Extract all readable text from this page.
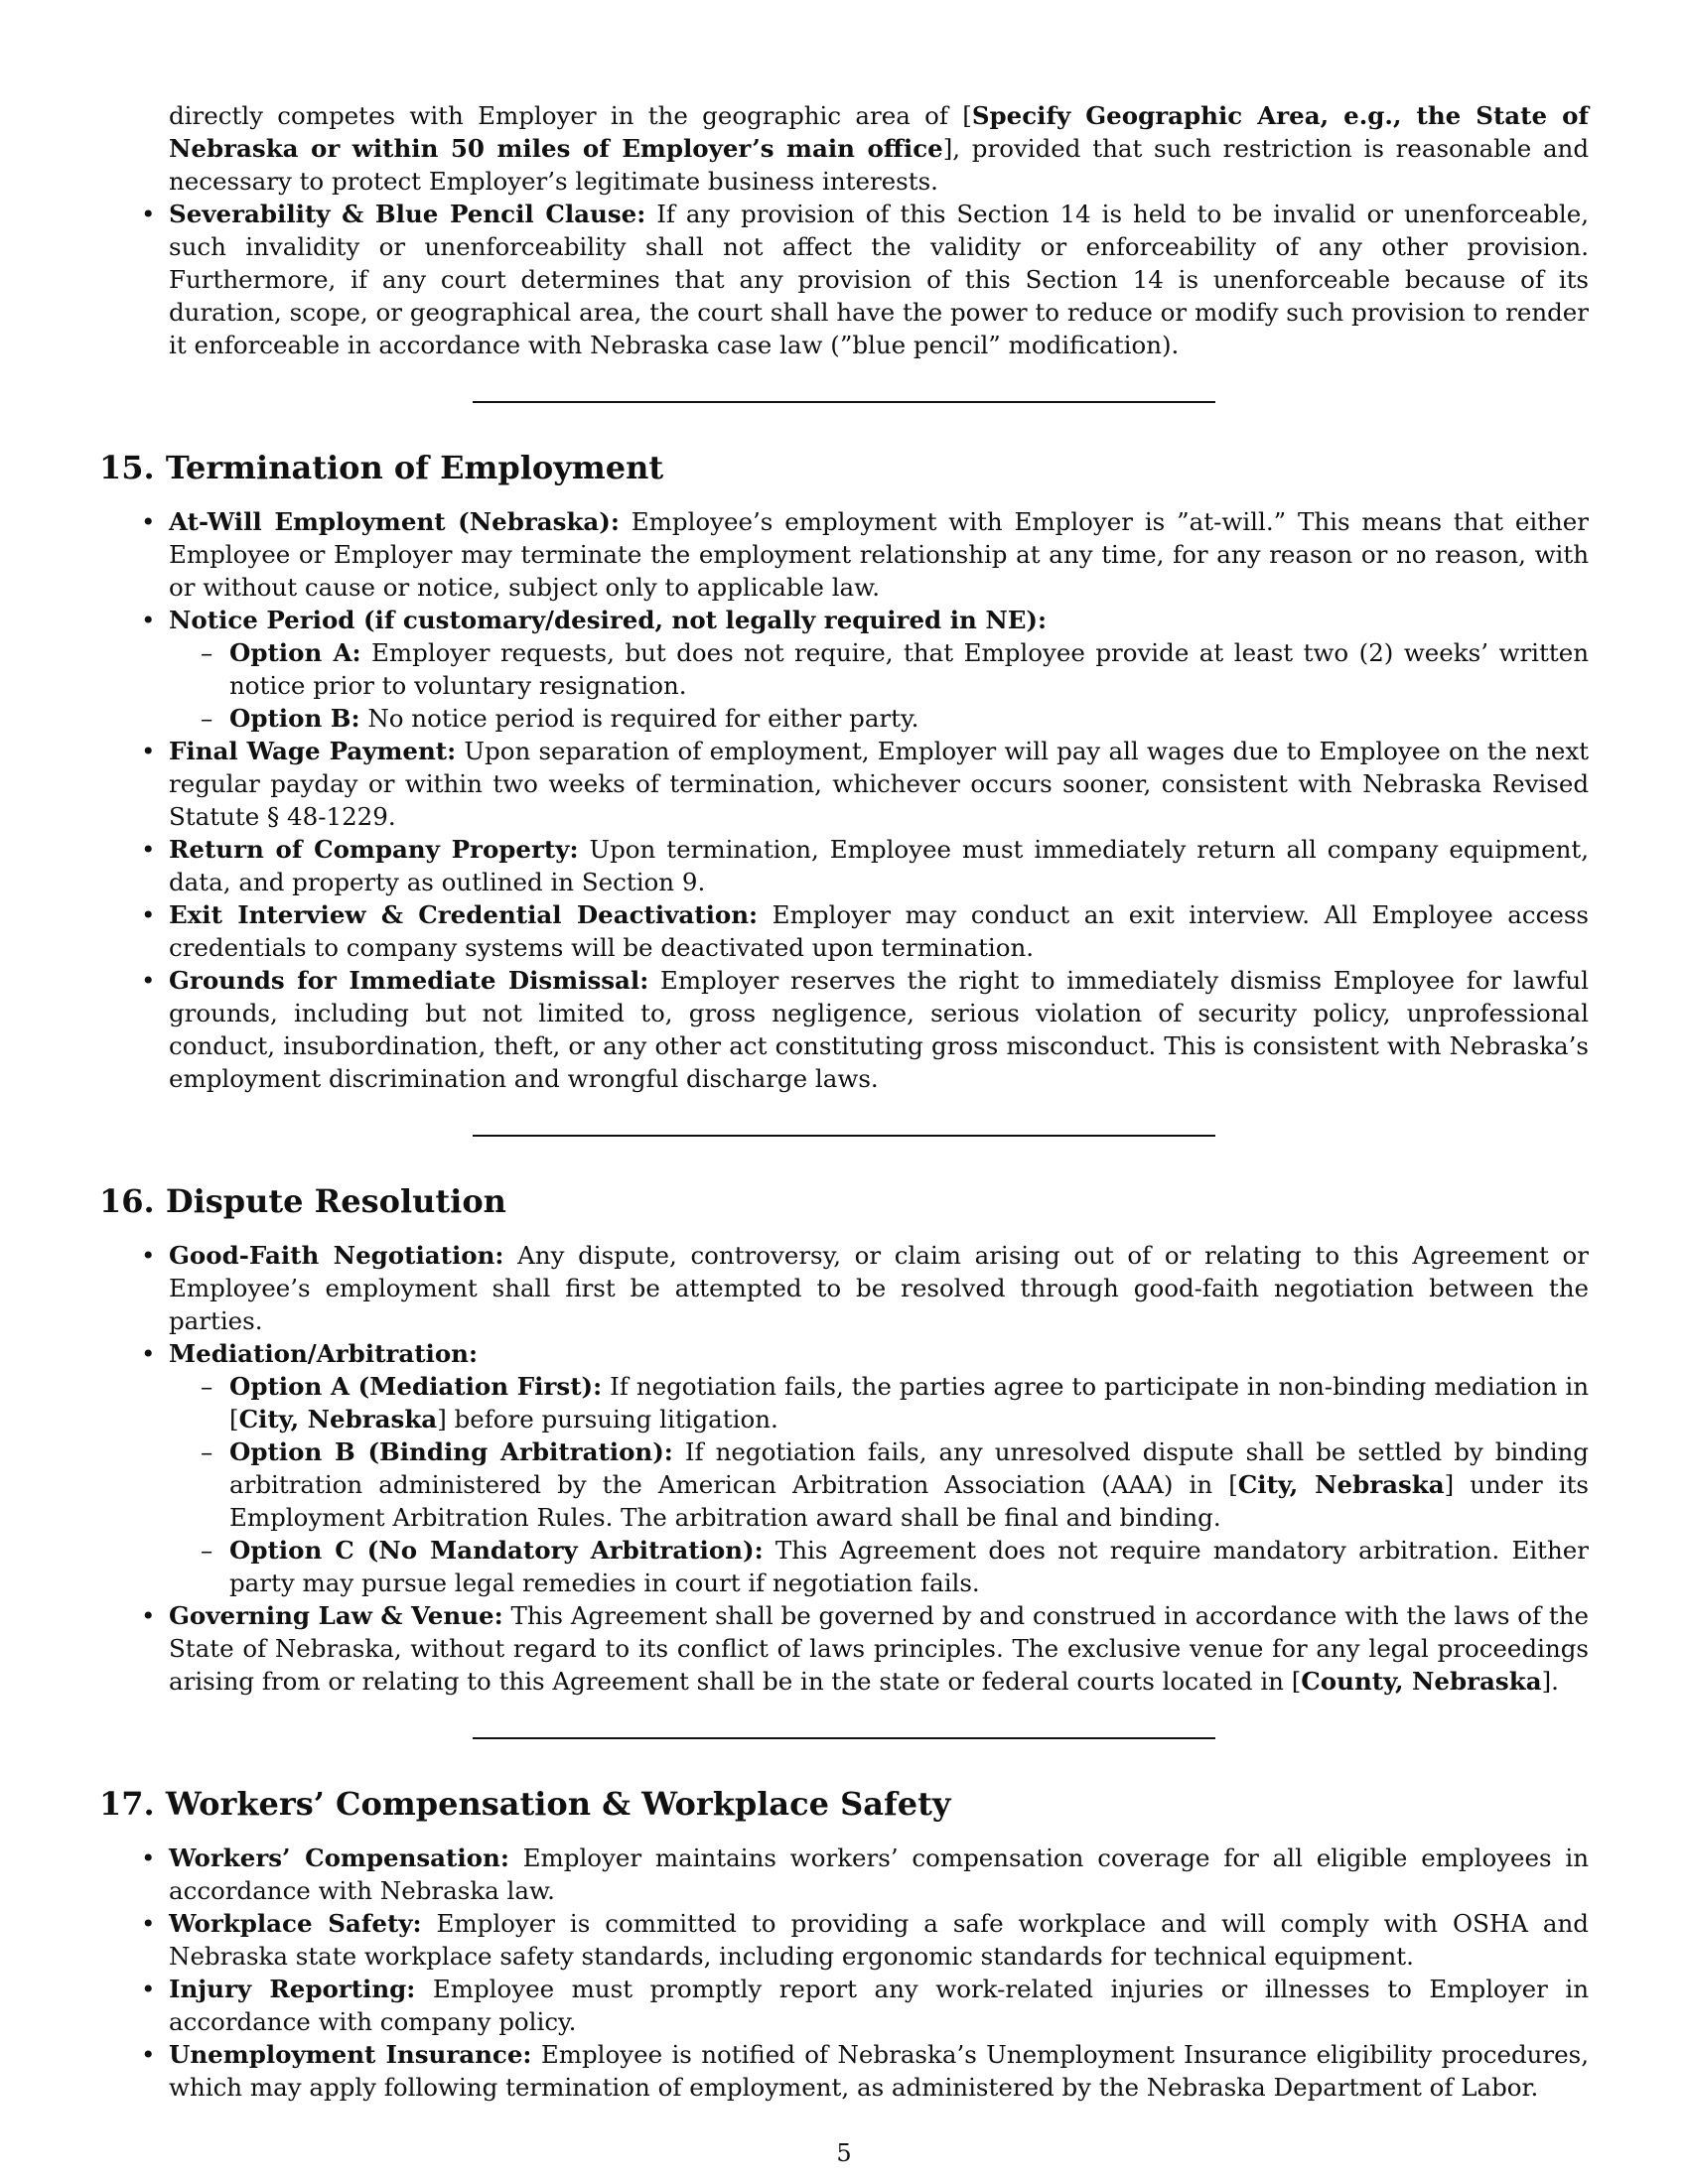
directly competes with Employer in the geographic area of [Specify Geographic Area, e.g., the State of Nebraska or within 50 miles of Employer’s main office], provided that such restriction is reasonable and necessary to protect Employer’s legitimate business interests.
• Severability & Blue Pencil Clause: If any provision of this Section 14 is held to be invalid or unenforceable, such invalidity or unenforceability shall not affect the validity or enforceability of any other provision. Furthermore, if any court determines that any provision of this Section 14 is unenforceable because of its duration, scope, or geographical area, the court shall have the power to reduce or modify such provision to render it enforceable in accordance with Nebraska case law (”blue pencil” modification).
15. Termination of Employment
• At-Will Employment (Nebraska): Employee’s employment with Employer is ”at-will.” This means that either Employee or Employer may terminate the employment relationship at any time, for any reason or no reason, with or without cause or notice, subject only to applicable law.
• Notice Period (if customary/desired, not legally required in NE):
– Option A: Employer requests, but does not require, that Employee provide at least two (2) weeks’ written notice prior to voluntary resignation.
– Option B: No notice period is required for either party.
• Final Wage Payment: Upon separation of employment, Employer will pay all wages due to Employee on the next regular payday or within two weeks of termination, whichever occurs sooner, consistent with Nebraska Revised Statute § 48-1229.
• Return of Company Property: Upon termination, Employee must immediately return all company equipment, data, and property as outlined in Section 9.
• Exit Interview & Credential Deactivation: Employer may conduct an exit interview. All Employee access credentials to company systems will be deactivated upon termination.
• Grounds for Immediate Dismissal: Employer reserves the right to immediately dismiss Employee for lawful grounds, including but not limited to, gross negligence, serious violation of security policy, unprofessional conduct, insubordination, theft, or any other act constituting gross misconduct. This is consistent with Nebraska’s employment discrimination and wrongful discharge laws.
16. Dispute Resolution
• Good-Faith Negotiation: Any dispute, controversy, or claim arising out of or relating to this Agreement or Employee’s employment shall first be attempted to be resolved through good-faith negotiation between the parties.
• Mediation/Arbitration:
– Option A (Mediation First): If negotiation fails, the parties agree to participate in non-binding mediation in [City, Nebraska] before pursuing litigation.
– Option B (Binding Arbitration): If negotiation fails, any unresolved dispute shall be settled by binding arbitration administered by the American Arbitration Association (AAA) in [City, Nebraska] under its Employment Arbitration Rules. The arbitration award shall be final and binding.
– Option C (No Mandatory Arbitration): This Agreement does not require mandatory arbitration. Either party may pursue legal remedies in court if negotiation fails.
• Governing Law & Venue: This Agreement shall be governed by and construed in accordance with the laws of the State of Nebraska, without regard to its conflict of laws principles. The exclusive venue for any legal proceedings arising from or relating to this Agreement shall be in the state or federal courts located in [County, Nebraska].
17. Workers’ Compensation & Workplace Safety
• Workers’ Compensation: Employer maintains workers’ compensation coverage for all eligible employees in accordance with Nebraska law.
• Workplace Safety: Employer is committed to providing a safe workplace and will comply with OSHA and Nebraska state workplace safety standards, including ergonomic standards for technical equipment.
• Injury Reporting: Employee must promptly report any work-related injuries or illnesses to Employer in accordance with company policy.
• Unemployment Insurance: Employee is notified of Nebraska’s Unemployment Insurance eligibility procedures, which may apply following termination of employment, as administered by the Nebraska Department of Labor.
5
